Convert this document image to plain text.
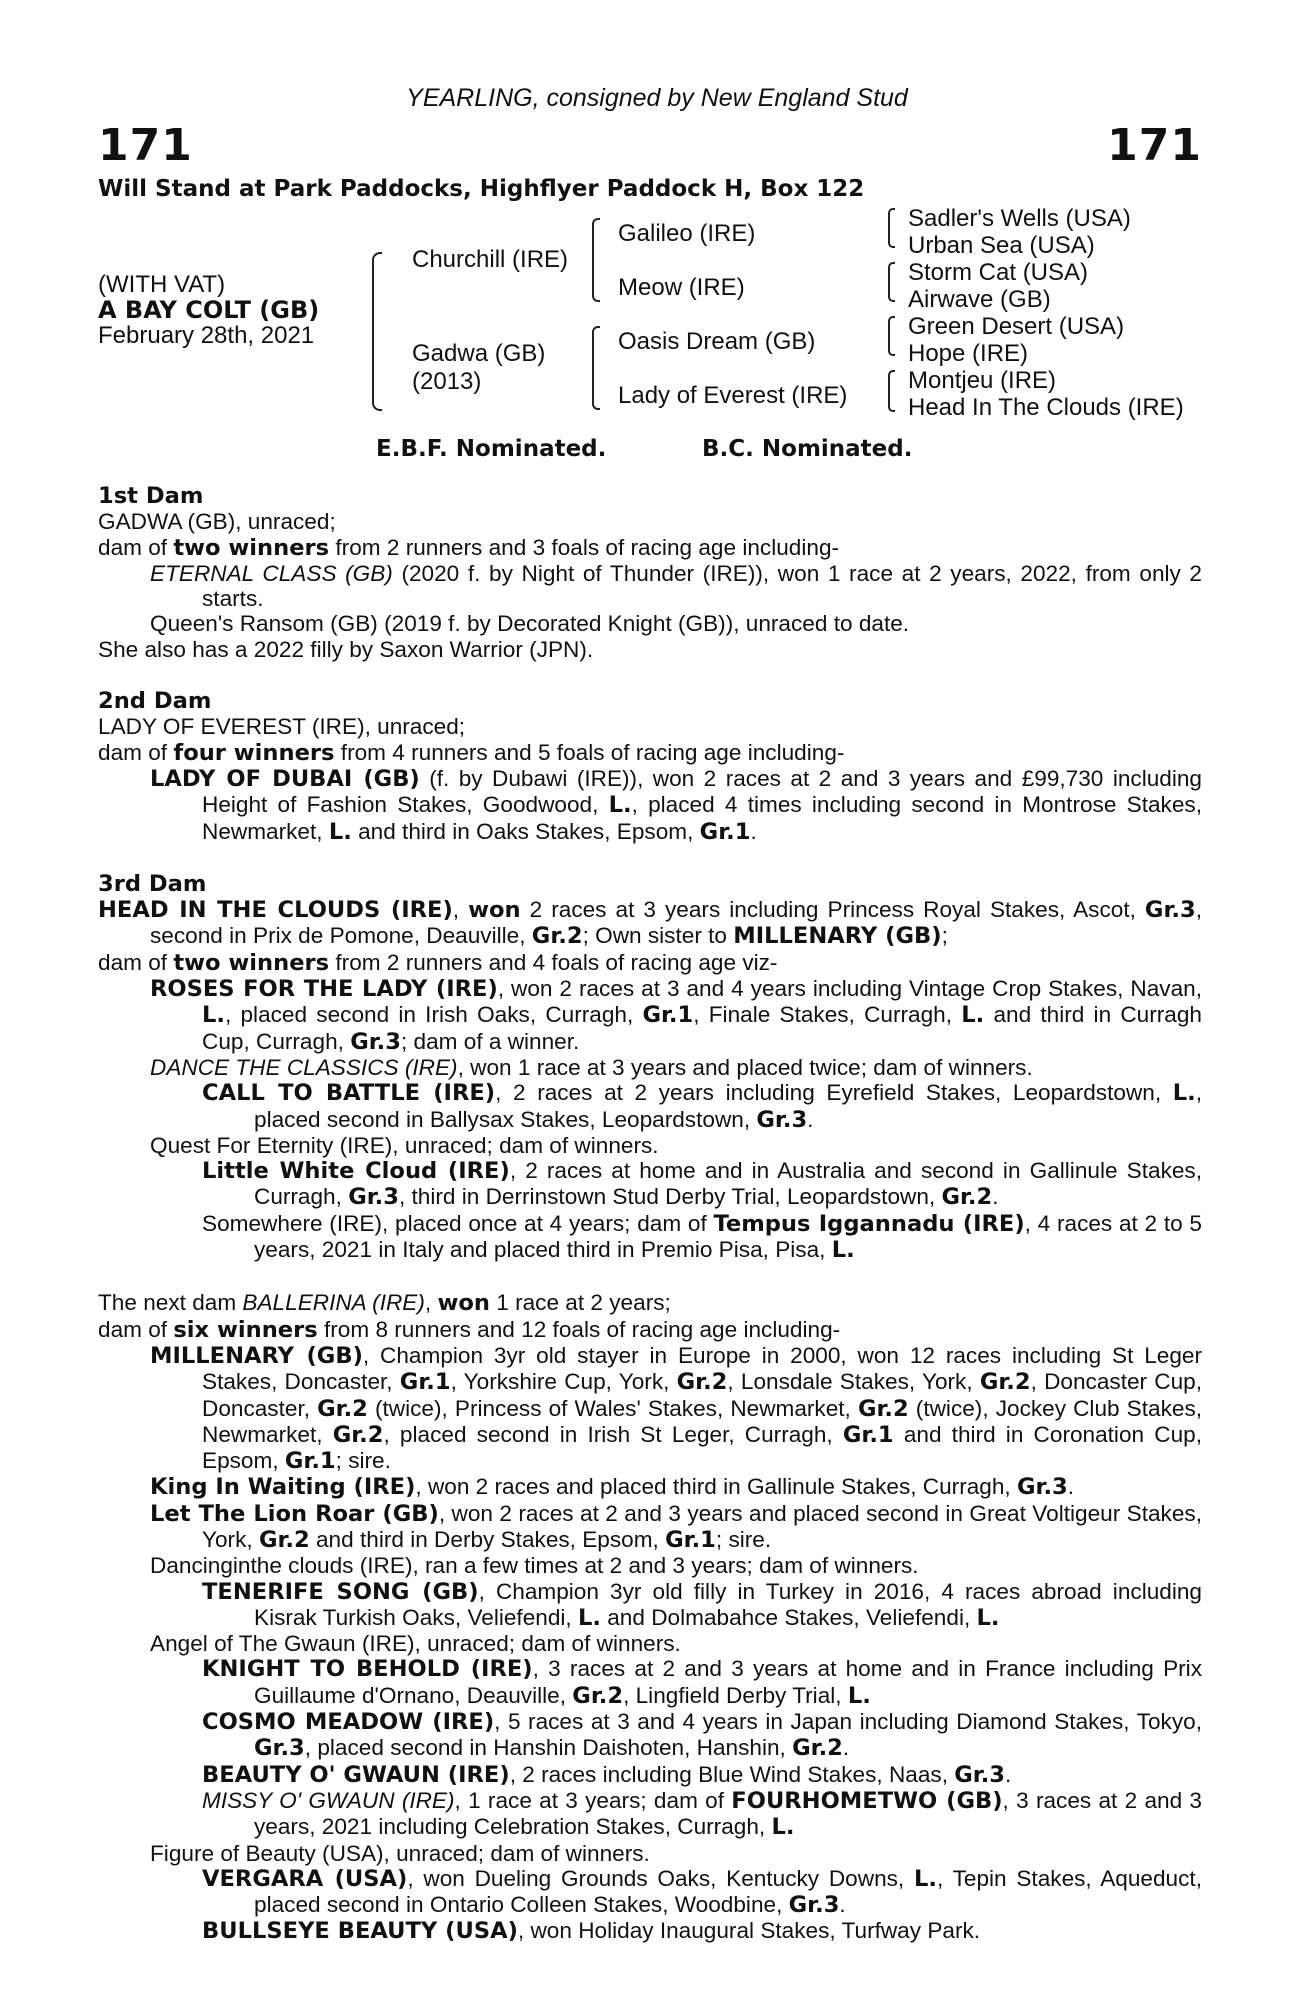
YEARLING, consigned by New England Stud
171	171
Will Stand at Park Paddocks, Highflyer Paddock H, Box 122
(WITH VAT)
A BAY COLT (GB)
February 28th, 2021
Churchill (IRE)
Gadwa (GB)
(2013)
Galileo (IRE)
Meow (IRE)
Oasis Dream (GB)
Lady of Everest (IRE)
Sadler's Wells (USA)
Urban Sea (USA)
Storm Cat (USA)
Airwave (GB)
Green Desert (USA)
Hope (IRE)
Montjeu (IRE)
Head In The Clouds (IRE)
E.B.F. Nominated.	B.C. Nominated.

1st Dam

GADWA (GB), unraced;

dam of two winners from 2 runners and 3 foals of racing age including-

ETERNAL CLASS (GB) (2020 f. by Night of Thunder (IRE)), won 1 race at 2 years, 2022, from only 2 starts.

Queen's Ransom (GB) (2019 f. by Decorated Knight (GB)), unraced to date.

She also has a 2022 filly by Saxon Warrior (JPN).

2nd Dam

LADY OF EVEREST (IRE), unraced;

dam of four winners from 4 runners and 5 foals of racing age including-

LADY OF DUBAI (GB) (f. by Dubawi (IRE)), won 2 races at 2 and 3 years and £99,730 including Height of Fashion Stakes, Goodwood, L., placed 4 times including second in Montrose Stakes, Newmarket, L. and third in Oaks Stakes, Epsom, Gr.1.

3rd Dam

HEAD IN THE CLOUDS (IRE), won 2 races at 3 years including Princess Royal Stakes, Ascot, Gr.3, second in Prix de Pomone, Deauville, Gr.2; Own sister to MILLENARY (GB);

dam of two winners from 2 runners and 4 foals of racing age viz-

ROSES FOR THE LADY (IRE), won 2 races at 3 and 4 years including Vintage Crop Stakes, Navan, L., placed second in Irish Oaks, Curragh, Gr.1, Finale Stakes, Curragh, L. and third in Curragh Cup, Curragh, Gr.3; dam of a winner.

DANCE THE CLASSICS (IRE), won 1 race at 3 years and placed twice; dam of winners.

CALL TO BATTLE (IRE), 2 races at 2 years including Eyrefield Stakes, Leopardstown, L., placed second in Ballysax Stakes, Leopardstown, Gr.3.

Quest For Eternity (IRE), unraced; dam of winners.

Little White Cloud (IRE), 2 races at home and in Australia and second in Gallinule Stakes, Curragh, Gr.3, third in Derrinstown Stud Derby Trial, Leopardstown, Gr.2.

Somewhere (IRE), placed once at 4 years; dam of Tempus Iggannadu (IRE), 4 races at 2 to 5 years, 2021 in Italy and placed third in Premio Pisa, Pisa, L.

The next dam BALLERINA (IRE), won 1 race at 2 years;

dam of six winners from 8 runners and 12 foals of racing age including-

MILLENARY (GB), Champion 3yr old stayer in Europe in 2000, won 12 races including St Leger Stakes, Doncaster, Gr.1, Yorkshire Cup, York, Gr.2, Lonsdale Stakes, York, Gr.2, Doncaster Cup, Doncaster, Gr.2 (twice), Princess of Wales' Stakes, Newmarket, Gr.2 (twice), Jockey Club Stakes, Newmarket, Gr.2, placed second in Irish St Leger, Curragh, Gr.1 and third in Coronation Cup, Epsom, Gr.1; sire.

King In Waiting (IRE), won 2 races and placed third in Gallinule Stakes, Curragh, Gr.3.

Let The Lion Roar (GB), won 2 races at 2 and 3 years and placed second in Great Voltigeur Stakes, York, Gr.2 and third in Derby Stakes, Epsom, Gr.1; sire.

Dancinginthe clouds (IRE), ran a few times at 2 and 3 years; dam of winners.

TENERIFE SONG (GB), Champion 3yr old filly in Turkey in 2016, 4 races abroad including Kisrak Turkish Oaks, Veliefendi, L. and Dolmabahce Stakes, Veliefendi, L.

Angel of The Gwaun (IRE), unraced; dam of winners.

KNIGHT TO BEHOLD (IRE), 3 races at 2 and 3 years at home and in France including Prix Guillaume d'Ornano, Deauville, Gr.2, Lingfield Derby Trial, L.

COSMO MEADOW (IRE), 5 races at 3 and 4 years in Japan including Diamond Stakes, Tokyo, Gr.3, placed second in Hanshin Daishoten, Hanshin, Gr.2.

BEAUTY O' GWAUN (IRE), 2 races including Blue Wind Stakes, Naas, Gr.3.

MISSY O' GWAUN (IRE), 1 race at 3 years; dam of FOURHOMETWO (GB), 3 races at 2 and 3 years, 2021 including Celebration Stakes, Curragh, L.

Figure of Beauty (USA), unraced; dam of winners.

VERGARA (USA), won Dueling Grounds Oaks, Kentucky Downs, L., Tepin Stakes, Aqueduct, placed second in Ontario Colleen Stakes, Woodbine, Gr.3.

BULLSEYE BEAUTY (USA), won Holiday Inaugural Stakes, Turfway Park.
